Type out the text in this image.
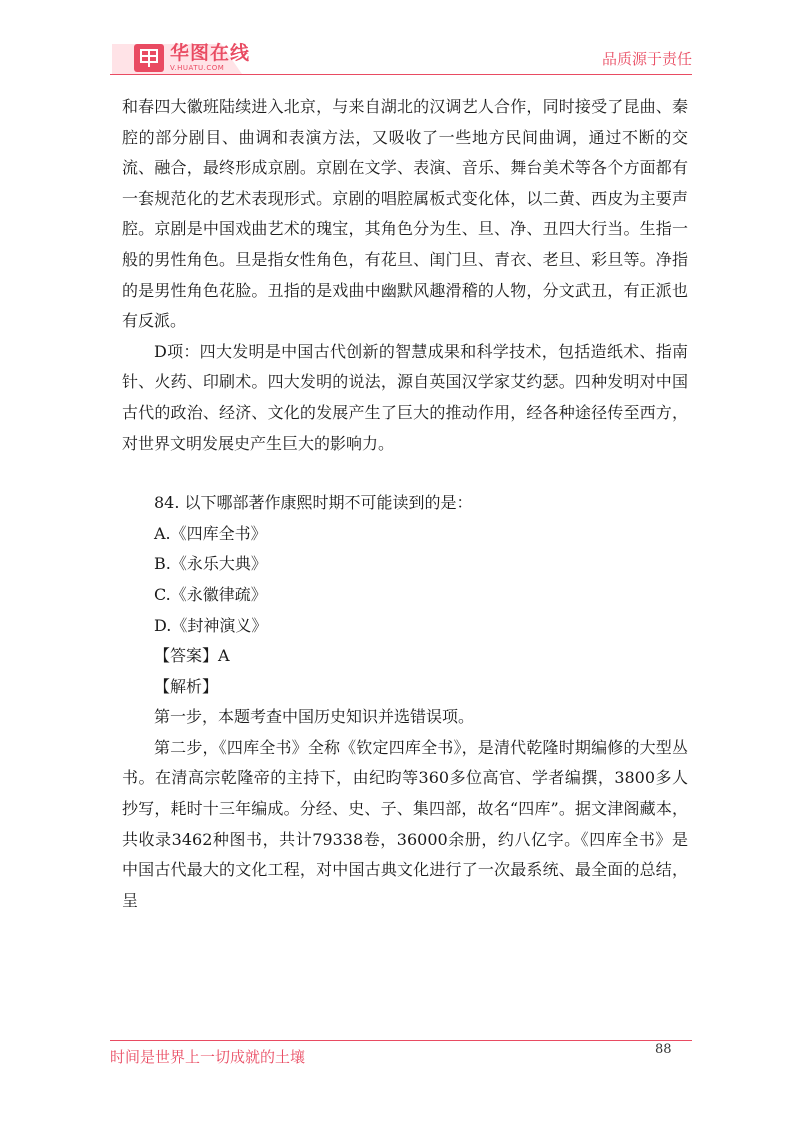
华图在线
V.HUATU.COM	品质源于责任

和春四大徽班陆续进入北京，与来自湖北的汉调艺人合作，同时接受了昆曲、秦腔的部分剧目、曲调和表演方法，又吸收了一些地方民间曲调，通过不断的交流、融合，最终形成京剧。京剧在文学、表演、音乐、舞台美术等各个方面都有一套规范化的艺术表现形式。京剧的唱腔属板式变化体，以二黄、西皮为主要声腔。京剧是中国戏曲艺术的瑰宝，其角色分为生、旦、净、丑四大行当。生指一般的男性角色。旦是指女性角色，有花旦、闺门旦、青衣、老旦、彩旦等。净指的是男性角色花脸。丑指的是戏曲中幽默风趣滑稽的人物，分文武丑，有正派也有反派。

D项：四大发明是中国古代创新的智慧成果和科学技术，包括造纸术、指南针、火药、印刷术。四大发明的说法，源自英国汉学家艾约瑟。四种发明对中国古代的政治、经济、文化的发展产生了巨大的推动作用，经各种途径传至西方，对世界文明发展史产生巨大的影响力。

84. 以下哪部著作康熙时期不可能读到的是：

A.《四库全书》

B.《永乐大典》

C.《永徽律疏》

D.《封神演义》

【答案】A

【解析】

第一步，本题考查中国历史知识并选错误项。

第二步，《四库全书》全称《钦定四库全书》，是清代乾隆时期编修的大型丛书。在清高宗乾隆帝的主持下，由纪昀等360多位高官、学者编撰，3800多人抄写，耗时十三年编成。分经、史、子、集四部，故名“四库”。据文津阁藏本，共收录3462种图书，共计79338卷，36000余册，约八亿字。《四库全书》是中国古代最大的文化工程，对中国古典文化进行了一次最系统、最全面的总结，呈

时间是世界上一切成就的土壤	88
